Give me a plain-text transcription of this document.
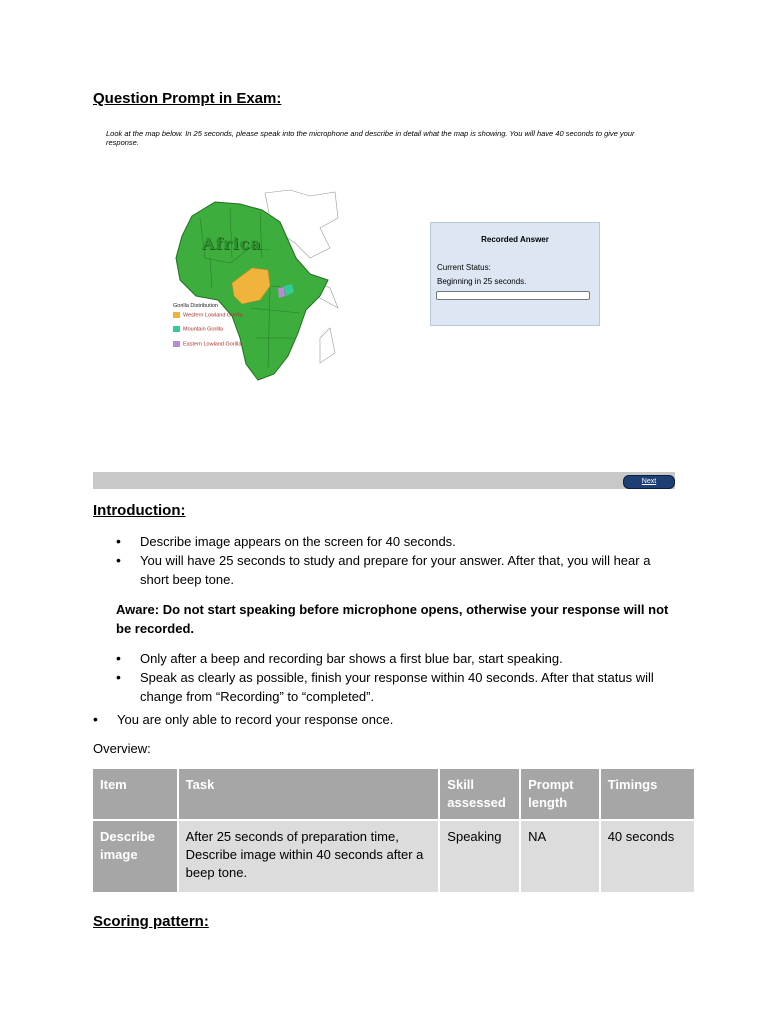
Question Prompt in Exam:
Look at the map below. In 25 seconds, please speak into the microphone and describe in detail what the map is showing. You will have 40 seconds to give your response.
Africa
Gorilla Distribution
Western Lowland Gorilla
Mountain Gorilla
Eastern Lowland Gorilla
Recorded Answer
Current Status:
Beginning in 25 seconds.
Next
Introduction:
• Describe image appears on the screen for 40 seconds.
• You will have 25 seconds to study and prepare for your answer. After that, you will hear a short beep tone.
Aware: Do not start speaking before microphone opens, otherwise your response will not be recorded.
• Only after a beep and recording bar shows a first blue bar, start speaking.
• Speak as clearly as possible, finish your response within 40 seconds. After that status will change from “Recording” to “completed”.
• You are only able to record your response once.
Overview:
Item	Task	Skill assessed	Prompt length	Timings
Describe image	After 25 seconds of preparation time, Describe image within 40 seconds after a beep tone.	Speaking	NA	40 seconds
Scoring pattern:
